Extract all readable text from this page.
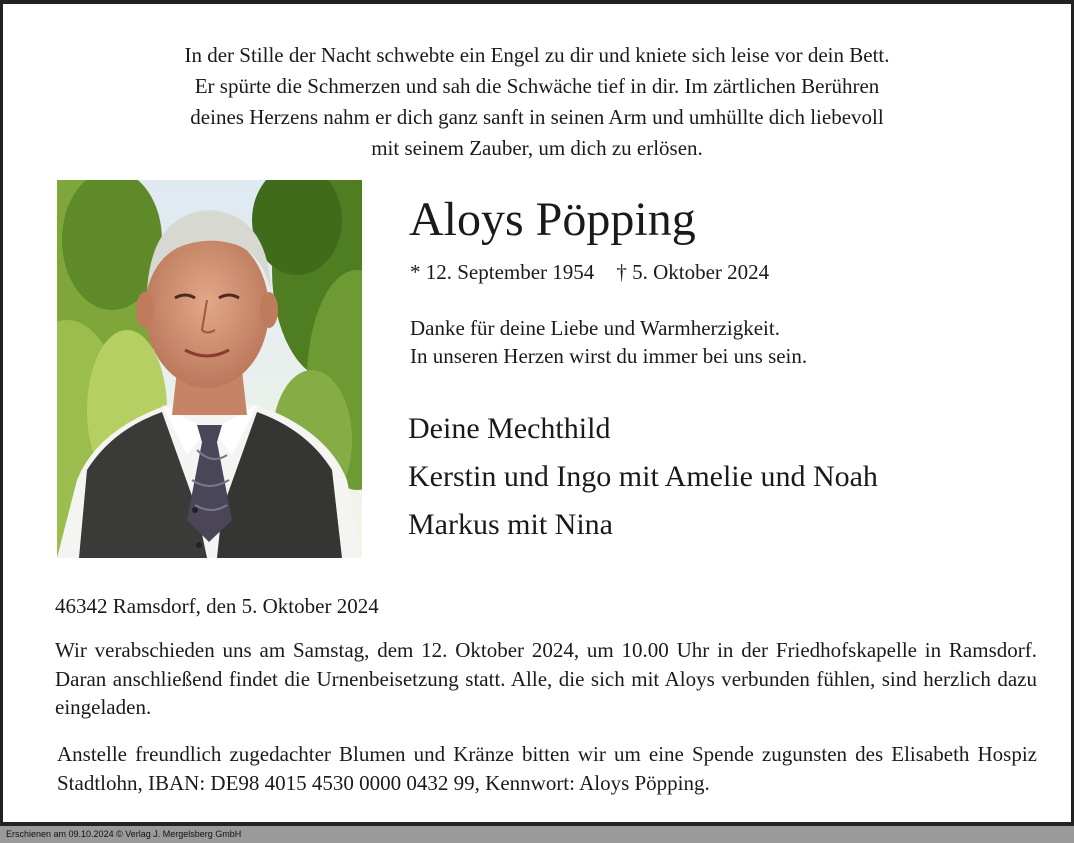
In der Stille der Nacht schwebte ein Engel zu dir und kniete sich leise vor dein Bett.
Er spürte die Schmerzen und sah die Schwäche tief in dir. Im zärtlichen Berühren
deines Herzens nahm er dich ganz sanft in seinen Arm und umhüllte dich liebevoll
mit seinem Zauber, um dich zu erlösen.
Aloys Pöpping
* 12. September 1954 † 5. Oktober 2024
Danke für deine Liebe und Warmherzigkeit.
In unseren Herzen wirst du immer bei uns sein.
Deine Mechthild
Kerstin und Ingo mit Amelie und Noah
Markus mit Nina
46342 Ramsdorf, den 5. Oktober 2024
Wir verabschieden uns am Samstag, dem 12. Oktober 2024, um 10.00 Uhr in der Friedhofskapelle in Ramsdorf. Daran anschließend findet die Urnenbeisetzung statt. Alle, die sich mit Aloys verbunden fühlen, sind herzlich dazu eingeladen.
Anstelle freundlich zugedachter Blumen und Kränze bitten wir um eine Spende zugunsten des Elisabeth Hospiz Stadtlohn, IBAN: DE98 4015 4530 0000 0432 99, Kennwort: Aloys Pöpping.
Erschienen am 09.10.2024 © Verlag J. Mergelsberg GmbH
